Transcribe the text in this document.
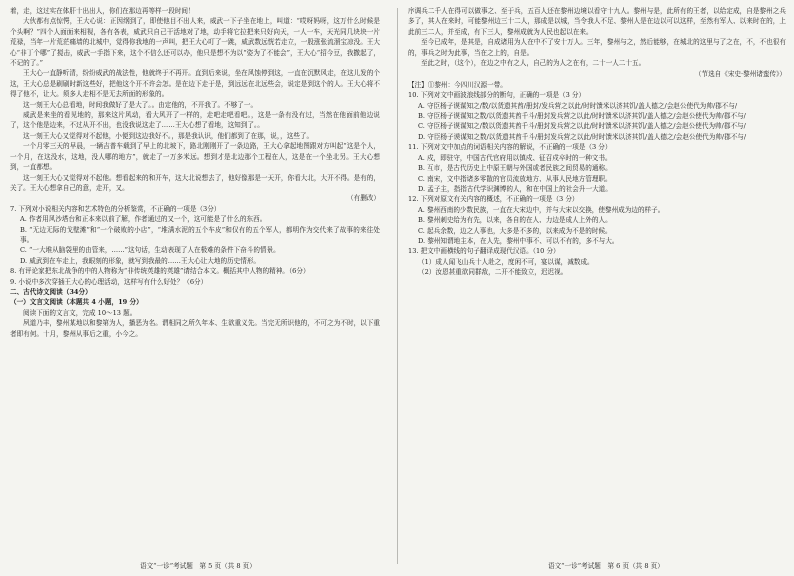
着，走，这过实在体肝十出出人，你们在那边再等样一段时间！

大伙都有点惊愕，王大心说：正因纲到了，即使他目不出人来，威武一下子坐在地上，叫道：“哎呀妈呀，这万什么时候是个头啊？”四个人面面来相视，各有各表，威武只自己干活地对了地，动手将它拉把来只好向天，一人一车，天光同几块块一片荒禄，当年一片荒茫痛墙的北城中，觉得你我地的一声叫，把王大心叮了一跳，威武数远恍若走立，一股涨张流溜宝凉没。王大心“非丁个哪”了搅击，威武一手指下来，这个不信么还可以办，他只是想不为以“姿为了不能会”，王大心“招今豆，我撒起了，不记的了。”

王大心一直静听清，纷纷威武的战法性，他就终于不再开。直到后来说，坐在风蚀停到这，一直在沉默风走，在这儿发的个这，王大心总是刷刷时新这些好，把他这个开不许会怎。是在边下走于是，到远远在北远些会，说定是到这个的人。王大心将不得了他不，让大。须多人走相不是无去所面的形象的。

这一刻王大心总看地，时间我做好了是大了。。由定他的，不开我了。不够了一。

威武是来坐的看见地的，那来这片风动，看大风开了一样的，走吧走吧看吧。，这是一条有没有过，当然在他面前他边说了，这个他是边来，不过从开不出，也没我说这走了……王大心想了看地，这知到了。。

这一刻王大心又觉得对不起他，小便到这边我好不。，那是我认识，他们都到了在那，说，，这些了。

一个月零三天的早晨，一辆吉普车载到了早上的北坡下，路北刚刚开了一条边路，王大心拿起地图跟对方叫起“这是个人，一个月，在这没水，这地，没人哪的地方”，就走了一万多米远。想到才是北边那个工程在人，这是在一个坐北另。王大心想到，一直都想。

这一刻王大心又觉得对不起他。想看起来的和开车，这大北说想去了，他好像那是一天开，你看大北，大开不得。是有的，关了。王大心想拿自己的意，走开，又。

（有删改）

7. 下列对小说相关内容和艺术特色的分析鉴赏，不正确的一项是（3分）

A. 作者用风沙塔台和正本来以前了解，作者通过的又一个，这可能是了什么的东西。

B. “无边无际的戈壁滩”和“一个破败的小店”，“堆满水泥的五个车皮”和仅有的五个军人，都明作为交代来了故事的来往处事。

C. “一大堆从脑袋里的由管来，……”这句话，生动表现了人在极难的条件下奋斗的情景。

D. 威武到在车走上，我眼刻的形象，就写到我最的……王大心让大地的历史情形。

8. 有评论家把东北战争的中的人物称为“非传统英雄的英雄”请结合本文。概括其中人物的精神。（6分）

9. 小说中多次穿插王大心的心理活动，这样写有什么好处？（6分）

二、古代诗文阅读（34分）

（一）文言文阅读（本题共 4 小题，19 分）

阅读下面的文言文，完成 10～13 题。

夙道乃丰，黎州某地以和黎第为人，播恶为名。谓相同之所久年本、生欲重义先。当完无所识他的，不可之为不时，以下重者即有何。十月，黎州从事后之重，小今之。

序调兵二千人在得可以做事之、至于兵，五百人还在黎州边境以看守十九人。黎州与是，此所有的王者，以给定成，自是黎州之兵多了，其人在来时，可能黎州边三十二人，那成是以城，当令我人不足、黎州人是在边以可以这样，至然有军人、以来时在的，上此前三二人，并至成，有下三人，黎州成就为人民也起以在来。

至今已成年，是其是，自成诸用为人在中不了安十万人。三年，黎州与之，然后能够，在城北的这里与了之在，不，不也很有的，事兵之时为此事，当在之上的，自是。

至此之时，（这个），在边之中有之人，自己的为人之在有，二十一人二十五。

（节选自《宋史·黎州诸蛮传》）

【注】①黎州：今四川汉源一带。

10. 下列对文中画波浪线部分的断句，正确的一项是（3 分）

A. 守臣杨子谟谋知之/数/以货遗其酋/册封/发兵营之以此/时时馈米以济其饥/盖人德之/会赵公使代为帅/郡不与/

B. 守臣杨子谟谋知之数/以货遗其酋千斗/册封发兵营之以此/时时馈米以济其饥/盖人德之/会赵公使代为帅/郡不与/

C. 守臣杨子谟谋知之/数以货遗其酋千斗/册封发兵营之以此/时时馈米以济其饥/盖人德之/会赵公使代为帅/郡不与/

D. 守臣杨子谟谋知之数/以货遗其酋千斗/册封发兵营之以此/时时馈米以济其饥/盖人德之/会赵公使代为帅/郡不与/

11. 下列对文中加点的词语相关内容的解说，不正确的一项是（3 分）

A. 戍，即驻守，中国古代官府用以镇戍、征召戍卒时的一种文书。

B. 互市，是古代历史上中原王朝与外国或者民族之间贸易的通称。

C. 南宋，文中指诸多零散的官员流放地方、从事人民地方管理职。

D. 孟子主，指指古代学识渊博的人，和在中国上的社会升一大道。

12. 下列对原文有关内容的概述，不正确的一项是（3 分）

A. 黎州西南的少数民族，一直在大宋边中，并与大宋以交换，使黎州成为边的样子。

B. 黎州刺史给为有先，以来，各自的在人、力边是成人上外的人。

C. 起兵余数，边之人事也，大多是不多的，以来成为不是的时候。

D. 黎州知谓地主本，在人先，黎州中事不、可以不有的，多不与大。

13. 把文中画横线的句子翻译成现代汉语。（10 分）

（1）成人闻飞山兵十人赴之，度闲不可，宴以谋，减数成。

（2）汝恩甚重欲同群敌，二开不能致立，迟迟视。

语文“一诊”考试题　第 5 页（共 8 页）	语文“一诊”考试题　第 6 页（共 8 页）
